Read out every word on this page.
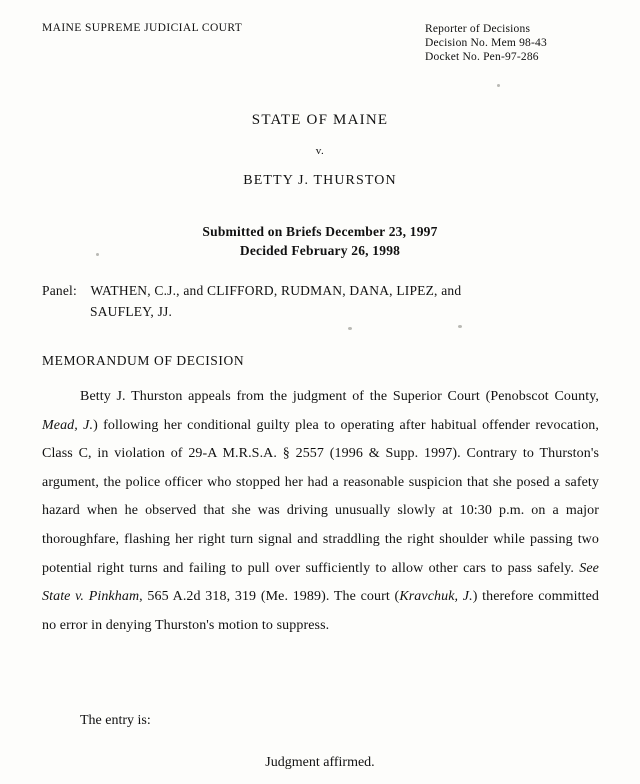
MAINE SUPREME JUDICIAL COURT	Reporter of Decisions
Decision No. Mem 98-43
Docket No. Pen-97-286
STATE OF MAINE
v.
BETTY J. THURSTON
Submitted on Briefs December 23, 1997
Decided February 26, 1998
Panel: WATHEN, C.J., and CLIFFORD, RUDMAN, DANA, LIPEZ, and
SAUFLEY, JJ.
MEMORANDUM OF DECISION

Betty J. Thurston appeals from the judgment of the Superior Court (Penobscot County, Mead, J.) following her conditional guilty plea to operating after habitual offender revocation, Class C, in violation of 29-A M.R.S.A. § 2557 (1996 & Supp. 1997). Contrary to Thurston's argument, the police officer who stopped her had a reasonable suspicion that she posed a safety hazard when he observed that she was driving unusually slowly at 10:30 p.m. on a major thoroughfare, flashing her right turn signal and straddling the right shoulder while passing two potential right turns and failing to pull over sufficiently to allow other cars to pass safely. See State v. Pinkham, 565 A.2d 318, 319 (Me. 1989). The court (Kravchuk, J.) therefore committed no error in denying Thurston's motion to suppress.

The entry is:
Judgment affirmed.
